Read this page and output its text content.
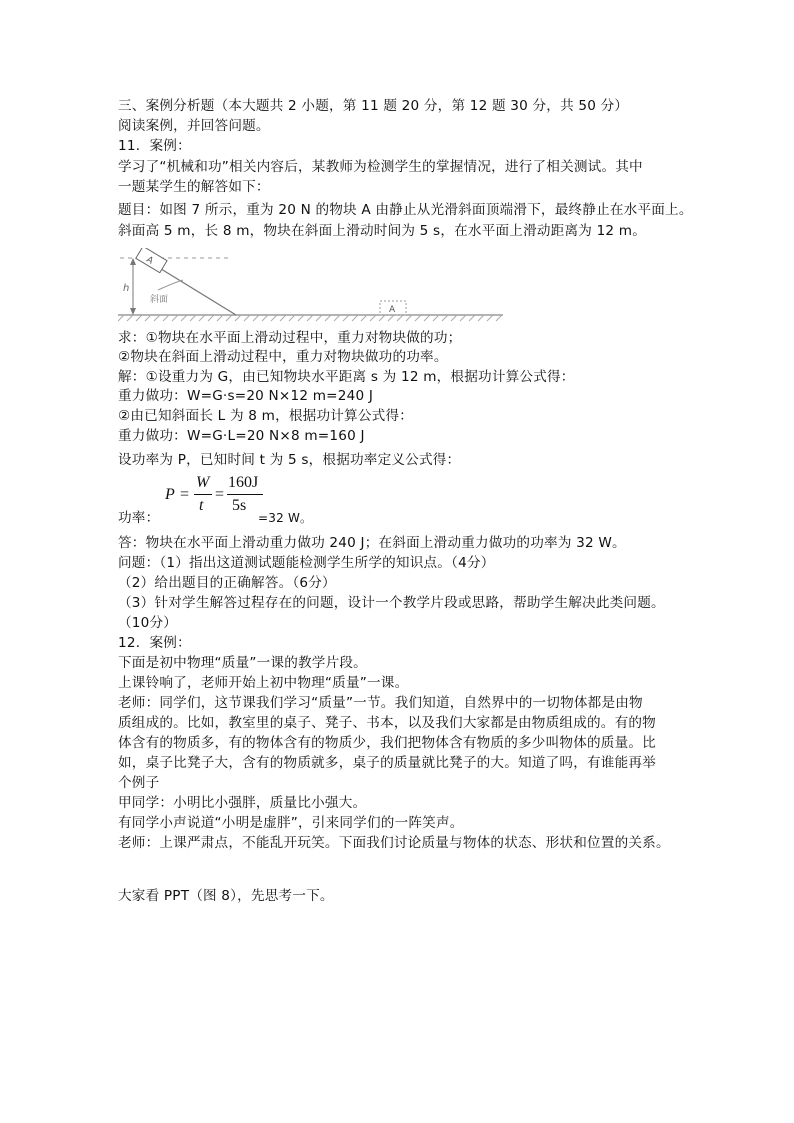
三、案例分析题（本大题共 2 小题，第 11 题 20 分，第 12 题 30 分，共 50 分）
阅读案例，并回答问题。
11．案例：
学习了“机械和功”相关内容后，某教师为检测学生的掌握情况，进行了相关测试。其中
一题某学生的解答如下：
题目：如图 7 所示，重为 20 N 的物块 A 由静止从光滑斜面顶端滑下，最终静止在水平面上。
斜面高 5 m，长 8 m，物块在斜面上滑动时间为 5 s，在水平面上滑动距离为 12 m。
A
h
斜面
A
求：①物块在水平面上滑动过程中，重力对物块做的功；
②物块在斜面上滑动过程中，重力对物块做功的功率。
解：①设重力为 G，由已知物块水平距离 s 为 12 m，根据功计算公式得：
重力做功：W=G·s=20 N×12 m=240 J
②由已知斜面长 L 为 8 m，根据功计算公式得：
重力做功：W=G·L=20 N×8 m=160 J
设功率为 P，已知时间 t 为 5 s，根据功率定义公式得：
功率：
P =
W
t
=
160J
5s
=32 W。
答：物块在水平面上滑动重力做功 240 J；在斜面上滑动重力做功的功率为 32 W。
问题：（1）指出这道测试题能检测学生所学的知识点。（4分）
（2）给出题目的正确解答。（6分）
（3）针对学生解答过程存在的问题，设计一个教学片段或思路，帮助学生解决此类问题。
（10分）
12．案例：
下面是初中物理“质量”一课的教学片段。
上课铃响了，老师开始上初中物理“质量”一课。
老师：同学们，这节课我们学习“质量”一节。我们知道，自然界中的一切物体都是由物
质组成的。比如，教室里的桌子、凳子、书本，以及我们大家都是由物质组成的。有的物
体含有的物质多，有的物体含有的物质少，我们把物体含有物质的多少叫物体的质量。比
如，桌子比凳子大，含有的物质就多，桌子的质量就比凳子的大。知道了吗，有谁能再举
个例子
甲同学：小明比小强胖，质量比小强大。
有同学小声说道“小明是虚胖”，引来同学们的一阵笑声。
老师：上课严肃点，不能乱开玩笑。下面我们讨论质量与物体的状态、形状和位置的关系。
大家看 PPT（图 8），先思考一下。
